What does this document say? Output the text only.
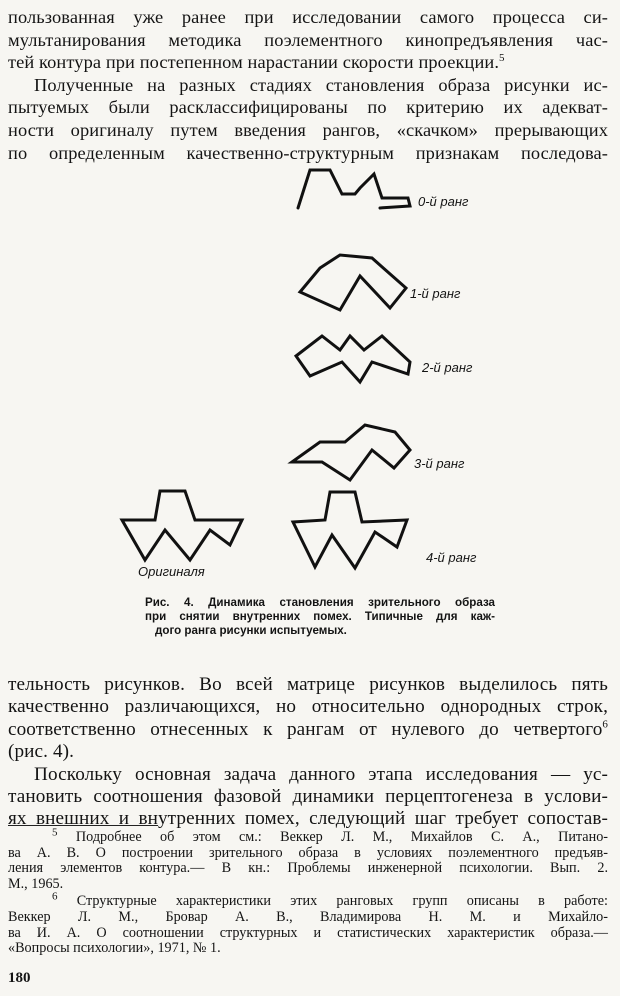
пользованная уже ранее при исследовании самого процесса си-
мультанирования методика поэлементного кинопредъявления час-
тей контура при постепенном нарастании скорости проекции.$^5$
Полученные на разных стадиях становления образа рисунки ис-
пытуемых были расклассифицированы по критерию их адекват-
ности оригиналу путем введения рангов, «скачком» прерывающих
по определенным качественно-структурным признакам последова-
0-й ранг
1-й ранг
2-й ранг
3-й ранг
Оригиналя
4-й ранг
Рис. 4. Динамика становления зрительного образа
при снятии внутренних помех. Типичные для каж-
дого ранга рисунки испытуемых.
тельность рисунков. Во всей матрице рисунков выделилось пять
качественно различающихся, но относительно однородных строк,
соответственно отнесенных к рангам от нулевого до четвертого$^6$
(рис. 4).
Поскольку основная задача данного этапа исследования — ус-
тановить соотношения фазовой динамики перцептогенеза в услови-
ях внешних и внутренних помех, следующий шаг требует сопостав-
$^5$ Подробнее об этом см.: Веккер Л. М., Михайлов С. А., Питано-
ва А. В. О построении зрительного образа в условиях поэлементного предъяв-
ления элементов контура.— В кн.: Проблемы инженерной психологии. Вып. 2.
М., 1965.
$^6$ Структурные характеристики этих ранговых групп описаны в работе:
Веккер Л. М., Бровар А. В., Владимирова Н. М. и Михайло-
ва И. А. О соотношении структурных и статистических характеристик образа.—
«Вопросы психологии», 1971, № 1.
180
